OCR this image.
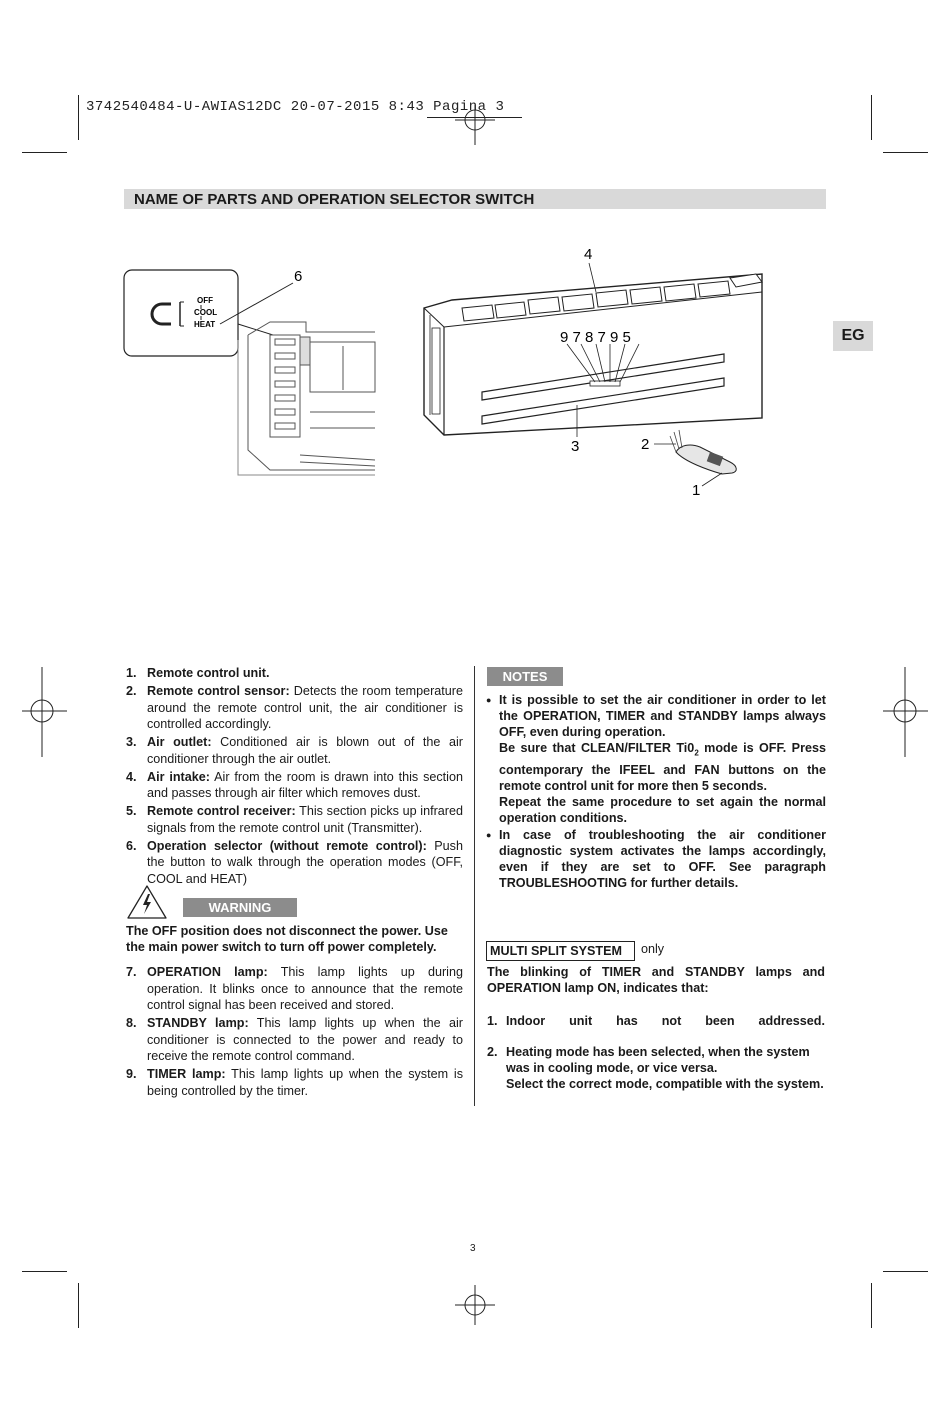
3742540484-U-AWIAS12DC 20-07-2015 8:43 Pagina 3
NAME OF PARTS AND OPERATION SELECTOR SWITCH
EG
OFF
COOL
HEAT
6
9 7 8 7 9 5
4
3	2
1
1. Remote control unit.
2. Remote control sensor: Detects the room temperature around the remote control unit, the air conditioner is controlled accordingly.
3. Air outlet: Conditioned air is blown out of the air conditioner through the air outlet.
4. Air intake: Air from the room is drawn into this section and passes through air filter which removes dust.
5. Remote control receiver: This section picks up infrared signals from the remote control unit (Transmitter).
6. Operation selector (without remote control): Push the button to walk through the operation modes (OFF, COOL and HEAT)
WARNING
The OFF position does not disconnect the power. Use the main power switch to turn off power completely.
7. OPERATION lamp: This lamp lights up during operation. It blinks once to announce that the remote control signal has been received and stored.
8. STANDBY lamp: This lamp lights up when the air conditioner is connected to the power and ready to receive the remote control command.
9. TIMER lamp: This lamp lights up when the system is being controlled by the timer.
NOTES
● It is possible to set the air conditioner in order to let the OPERATION, TIMER and STANDBY lamps always OFF, even during operation.
Be sure that CLEAN/FILTER $Ti0_2$ mode is OFF. Press contemporary the IFEEL and FAN buttons on the remote control unit for more then 5 seconds.
Repeat the same procedure to set again the normal operation conditions.
● In case of troubleshooting the air conditioner diagnostic system activates the lamps accordingly, even if they are set to OFF. See paragraph TROUBLESHOOTING for further details.
MULTI SPLIT SYSTEM	only
The blinking of TIMER and STANDBY lamps and OPERATION lamp ON, indicates that:
1. Indoor unit has not been addressed.
2. Heating mode has been selected, when the system was in cooling mode, or vice versa.
Select the correct mode, compatible with the system.
3
